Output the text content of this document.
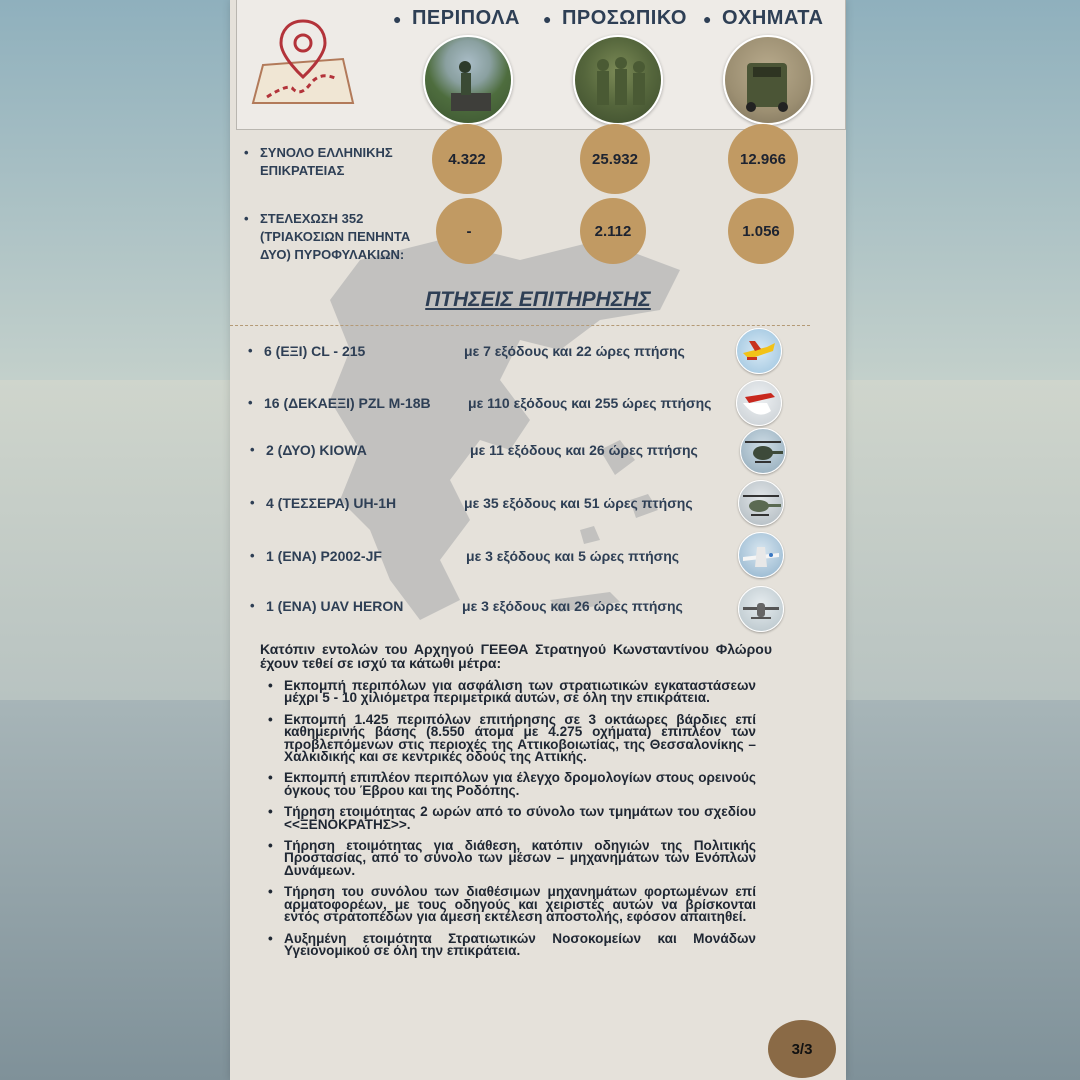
● ΠΕΡΙΠΟΛΑ ● ΠΡΟΣΩΠΙΚΟ ● ΟΧΗΜΑΤΑ
• ΣΥΝΟΛΟ ΕΛΛΗΝΙΚΗΣ ΕΠΙΚΡΑΤΕΙΑΣ
4.322	25.932	12.966
• ΣΤΕΛΕΧΩΣΗ 352 (ΤΡΙΑΚΟΣΙΩΝ ΠΕΝΗΝΤΑ ΔΥΟ) ΠΥΡΟΦΥΛΑΚΙΩΝ:
-	2.112	1.056
ΠΤΗΣΕΙΣ ΕΠΙΤΗΡΗΣΗΣ
• 6 (ΕΞΙ) CL - 215	με 7 εξόδους και 22 ώρες πτήσης
• 16 (ΔΕΚΑΕΞΙ) PZL M-18B	με 110 εξόδους και 255 ώρες πτήσης
• 2 (ΔΥΟ) KIOWA	με 11 εξόδους και 26 ώρες πτήσης
• 4 (ΤΕΣΣΕΡΑ) UH-1H	με 35 εξόδους και 51 ώρες πτήσης
• 1 (ΕΝΑ) P2002-JF	με 3 εξόδους και 5 ώρες πτήσης
• 1 (ΕΝΑ) UAV HERON	με 3 εξόδους και 26 ώρες πτήσης
Κατόπιν εντολών του Αρχηγού ΓΕΕΘΑ Στρατηγού Κωνσταντίνου Φλώρου έχουν τεθεί σε ισχύ τα κάτωθι μέτρα:
• Εκπομπή περιπόλων για ασφάλιση των στρατιωτικών εγκαταστάσεων μέχρι 5 - 10 χιλιόμετρα περιμετρικά αυτών, σε όλη την επικράτεια.
• Εκπομπή 1.425 περιπόλων επιτήρησης σε 3 οκτάωρες βάρδιες επί καθημερινής βάσης (8.550 άτομα με 4.275 οχήματα) επιπλέον των προβλεπόμενων στις περιοχές της Αττικοβοιωτίας, της Θεσσαλονίκης – Χαλκιδικής και σε κεντρικές οδούς της Αττικής.
• Εκπομπή επιπλέον περιπόλων για έλεγχο δρομολογίων στους ορεινούς όγκους του Έβρου και της Ροδόπης.
• Τήρηση ετοιμότητας 2 ωρών από το σύνολο των τμημάτων του σχεδίου <<ΞΕΝΟΚΡΑΤΗΣ>>.
• Τήρηση ετοιμότητας για διάθεση, κατόπιν οδηγιών της Πολιτικής Προστασίας, από το σύνολο των μέσων – μηχανημάτων των Ενόπλων Δυνάμεων.
• Τήρηση του συνόλου των διαθέσιμων μηχανημάτων φορτωμένων επί αρματοφορέων, με τους οδηγούς και χειριστές αυτών να βρίσκονται εντός στρατοπέδων για άμεση εκτέλεση αποστολής, εφόσον απαιτηθεί.
• Αυξημένη ετοιμότητα Στρατιωτικών Νοσοκομείων και Μονάδων Υγειονομικού σε όλη την επικράτεια.
3/3
